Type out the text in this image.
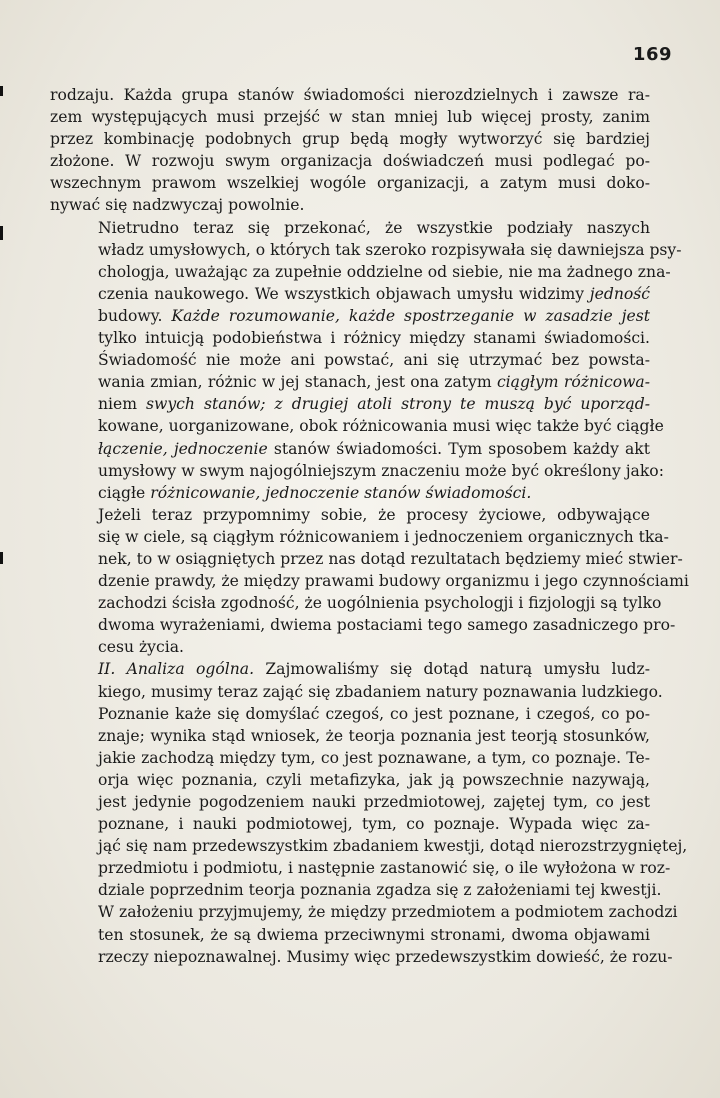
169

rodzaju. Każda grupa stanów świadomości nierozdzielnych i zawsze ra-
zem występujących musi przejść w stan mniej lub więcej prosty, zanim
przez kombinację podobnych grup będą mogły wytworzyć się bardziej
złożone. W rozwoju swym organizacja doświadczeń musi podlegać po-
wszechnym prawom wszelkiej wogóle organizacji, a zatym musi doko-
nywać się nadzwyczaj powolnie.

Nietrudno teraz się przekonać, że wszystkie podziały naszych
władz umysłowych, o których tak szeroko rozpisywała się dawniejsza psy-
chologja, uważając za zupełnie oddzielne od siebie, nie ma żadnego zna-
czenia naukowego. We wszystkich objawach umysłu widzimy jedność
budowy. Każde rozumowanie, każde spostrzeganie w zasadzie jest
tylko intuicją podobieństwa i różnicy między stanami świadomości.
Świadomość nie może ani powstać, ani się utrzymać bez powsta-
wania zmian, różnic w jej stanach, jest ona zatym ciągłym różnicowa-
niem swych stanów; z drugiej atoli strony te muszą być uporząd-
kowane, uorganizowane, obok różnicowania musi więc także być ciągłe
łączenie, jednoczenie stanów świadomości. Tym sposobem każdy akt
umysłowy w swym najogólniejszym znaczeniu może być określony jako:
ciągłe różnicowanie, jednoczenie stanów świadomości.

Jeżeli teraz przypomnimy sobie, że procesy życiowe, odbywające
się w ciele, są ciągłym różnicowaniem i jednoczeniem organicznych tka-
nek, to w osiągniętych przez nas dotąd rezultatach będziemy mieć stwier-
dzenie prawdy, że między prawami budowy organizmu i jego czynnościami
zachodzi ścisła zgodność, że uogólnienia psychologji i fizjologji są tylko
dwoma wyrażeniami, dwiema postaciami tego samego zasadniczego pro-
cesu życia.

II. Analiza ogólna. Zajmowaliśmy się dotąd naturą umysłu ludz-
kiego, musimy teraz zająć się zbadaniem natury poznawania ludzkiego.
Poznanie każe się domyślać czegoś, co jest poznane, i czegoś, co po-
znaje; wynika stąd wniosek, że teorja poznania jest teorją stosunków,
jakie zachodzą między tym, co jest poznawane, a tym, co poznaje. Te-
orja więc poznania, czyli metafizyka, jak ją powszechnie nazywają,
jest jedynie pogodzeniem nauki przedmiotowej, zajętej tym, co jest
poznane, i nauki podmiotowej, tym, co poznaje. Wypada więc za-
jąć się nam przedewszystkim zbadaniem kwestji, dotąd nierozstrzygniętej,
przedmiotu i podmiotu, i następnie zastanowić się, o ile wyłożona w roz-
dziale poprzednim teorja poznania zgadza się z założeniami tej kwestji.
W założeniu przyjmujemy, że między przedmiotem a podmiotem zachodzi
ten stosunek, że są dwiema przeciwnymi stronami, dwoma objawami
rzeczy niepoznawalnej. Musimy więc przedewszystkim dowieść, że rozu-
